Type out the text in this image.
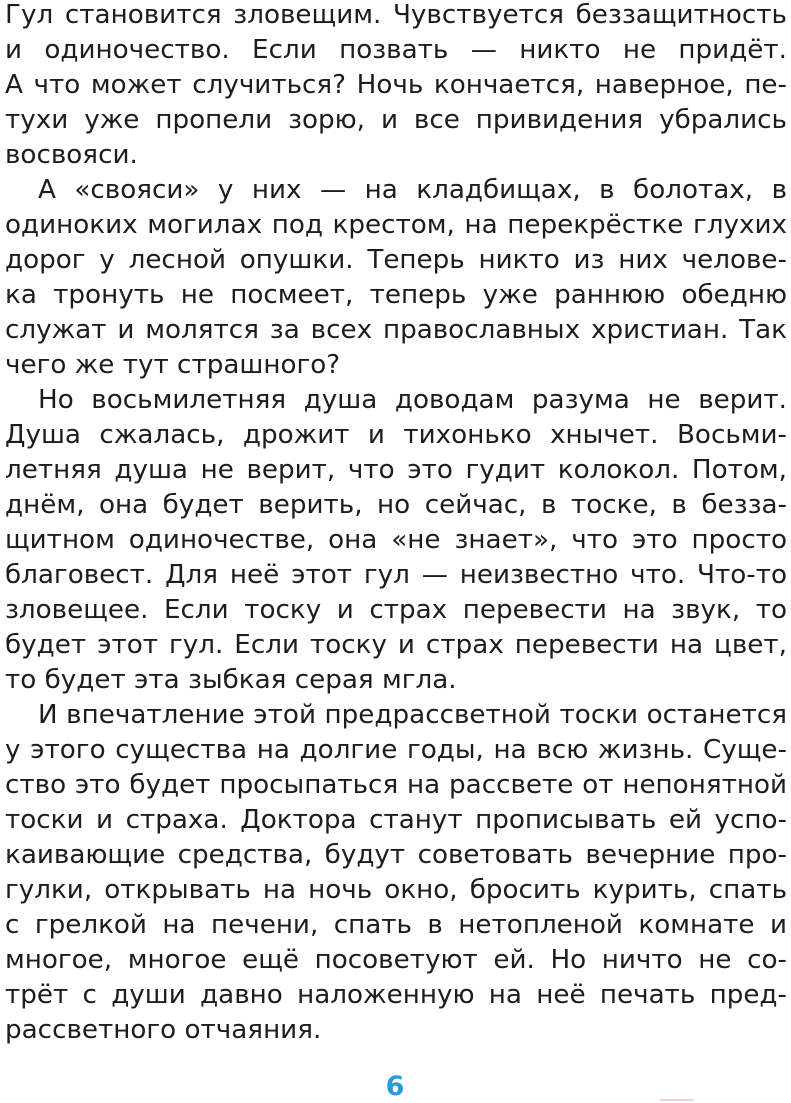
Гул становится зловещим. Чувствуется беззащитность
и одиночество. Если позвать — никто не придёт.
А что может случиться? Ночь кончается, наверное, пе-
тухи уже пропели зорю, и все привидения убрались
восвояси.
А «свояси» у них — на кладбищах, в болотах, в
одиноких могилах под крестом, на перекрёстке глухих
дорог у лесной опушки. Теперь никто из них челове-
ка тронуть не посмеет, теперь уже раннюю обедню
служат и молятся за всех православных христиан. Так
чего же тут страшного?
Но восьмилетняя душа доводам разума не верит.
Душа сжалась, дрожит и тихонько хнычет. Восьми-
летняя душа не верит, что это гудит колокол. Потом,
днём, она будет верить, но сейчас, в тоске, в безза-
щитном одиночестве, она «не знает», что это просто
благовест. Для неё этот гул — неизвестно что. Что-то
зловещее. Если тоску и страх перевести на звук, то
будет этот гул. Если тоску и страх перевести на цвет,
то будет эта зыбкая серая мгла.
И впечатление этой предрассветной тоски останется
у этого существа на долгие годы, на всю жизнь. Суще-
ство это будет просыпаться на рассвете от непонятной
тоски и страха. Доктора станут прописывать ей успо-
каивающие средства, будут советовать вечерние про-
гулки, открывать на ночь окно, бросить курить, спать
с грелкой на печени, спать в нетопленой комнате и
многое, многое ещё посоветуют ей. Но ничто не со-
трёт с души давно наложенную на неё печать пред-
рассветного отчаяния.
6
